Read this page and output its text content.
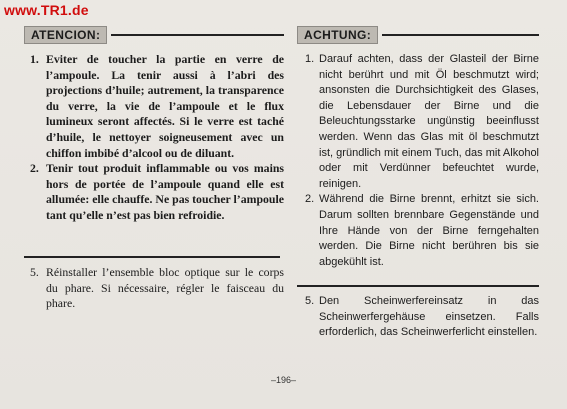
www.TR1.de
ATENCION:
1. Eviter de toucher la partie en verre de l’ampoule. La tenir aussi à l’abri des projections d’huile; autrement, la transparence du verre, la vie de l’ampoule et le flux lumineux seront affectés. Si le verre est taché d’huile, le nettoyer soigneusement avec un chiffon imbibé d’alcool ou de diluant.
2. Tenir tout produit inflammable ou vos mains hors de portée de l’ampoule quand elle est allumée: elle chauffe. Ne pas toucher l’ampoule tant qu’elle n’est pas bien refroidie.
5. Réinstaller l’ensemble bloc optique sur le corps du phare. Si nécessaire, régler le faisceau du phare.
ACHTUNG:
1. Darauf achten, dass der Glasteil der Birne nicht berührt und mit Öl beschmutzt wird; ansonsten die Durchsichtigkeit des Glases, die Lebensdauer der Birne und die Beleuchtungsstarke ungünstig beeinflusst werden. Wenn das Glas mit öl beschmutzt ist, gründlich mit einem Tuch, das mit Alkohol oder mit Verdünner befeuchtet wurde, reinigen.
2. Während die Birne brennt, erhitzt sie sich. Darum sollten brennbare Gegenstände und Ihre Hände von der Birne ferngehalten werden. Die Birne nicht berühren bis sie abgekühlt ist.
5. Den Scheinwerfereinsatz in das Scheinwerfergehäuse einsetzen. Falls erforderlich, das Scheinwerferlicht einstellen.
–196–
